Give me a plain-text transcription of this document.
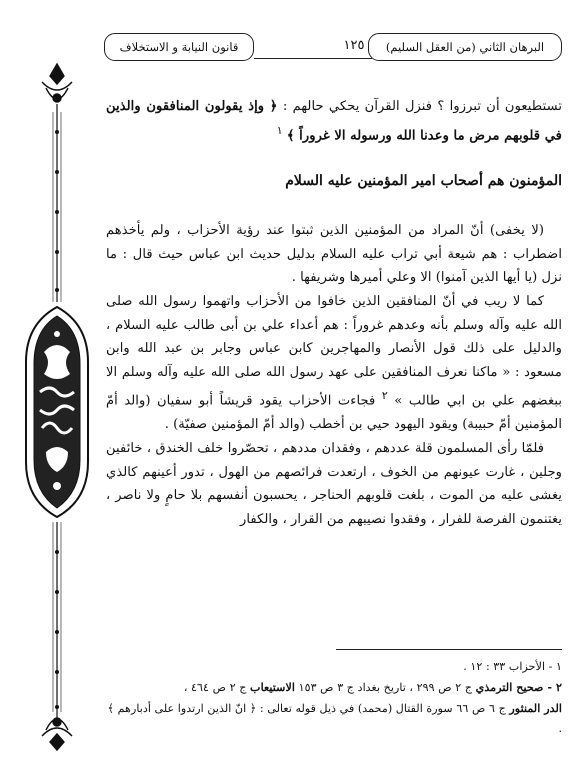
البرهان الثاني (من العقل السليم)
١٢٥
قانون النيابة و الاستخلاف

تستطيعون أن تبرزوا ؟ فنزل القرآن يحكي حالهم : ﴿ وإذ يقولون المنافقون والذين في قلوبهم مرض ما وعدنا الله ورسوله الا غروراً ﴾ $^١$

المؤمنون هم أصحاب امير المؤمنين عليه السلام

(لا يخفى) أنّ المراد من المؤمنين الذين ثبتوا عند رؤية الأحزاب ، ولم يأخذهم اضطراب : هم شيعة أبي تراب عليه السلام بدليل حديث ابن عباس حيث قال : ما نزل (يا أيها الذين آمنوا) الا وعلي أميرها وشريفها .

كما لا ريب في أنّ المنافقين الذين خافوا من الأحزاب واتهموا رسول الله صلى الله عليه وآله وسلم بأنه وعدهم غروراً : هم أعداء علي بن أبى طالب عليه السلام ، والدليل على ذلك قول الأنصار والمهاجرين كابن عباس وجابر بن عبد الله وابن مسعود : « ماكنا نعرف المنافقين على عهد رسول الله صلى الله عليه وآله وسلم الا ببغضهم علي بن ابي طالب » $^٢$ فجاءت الأحزاب يقود قريشاً أبو سفيان (والد أمّ المؤمنين أمّ حبيبة) ويقود اليهود حيي بن أخطب (والد أمّ المؤمنين صفيّة) .

فلمّا رأى المسلمون قلة عددهم ، وفقدان مددهم ، تحصّروا خلف الخندق ، خائفين وجلين ، غارت عيونهم من الخوف ، ارتعدت فرائصهم من الهول ، تدور أعينهم كالذي يغشى عليه من الموت ، بلغت قلوبهم الحناجر ، يحسبون أنفسهم بلا حامٍ ولا ناصر ، يغتنمون الفرصة للفرار ، وفقدوا نصيبهم من القرار ، والكفار

١ - الأحزاب ٣٣ : ١٢ .

٢ - صحيح الترمذي ج ٢ ص ٢٩٩ ، تاريخ بغداد ج ٣ ص ١٥٣ الاستيعاب ج ٢ ص ٤٦٤ ،

الدر المنثور ج ٦ ص ٦٦ سورة القتال (محمد) في ذيل قوله تعالى : ﴿ انّ الذين ارتدوا على أدبارهم ﴾ .
